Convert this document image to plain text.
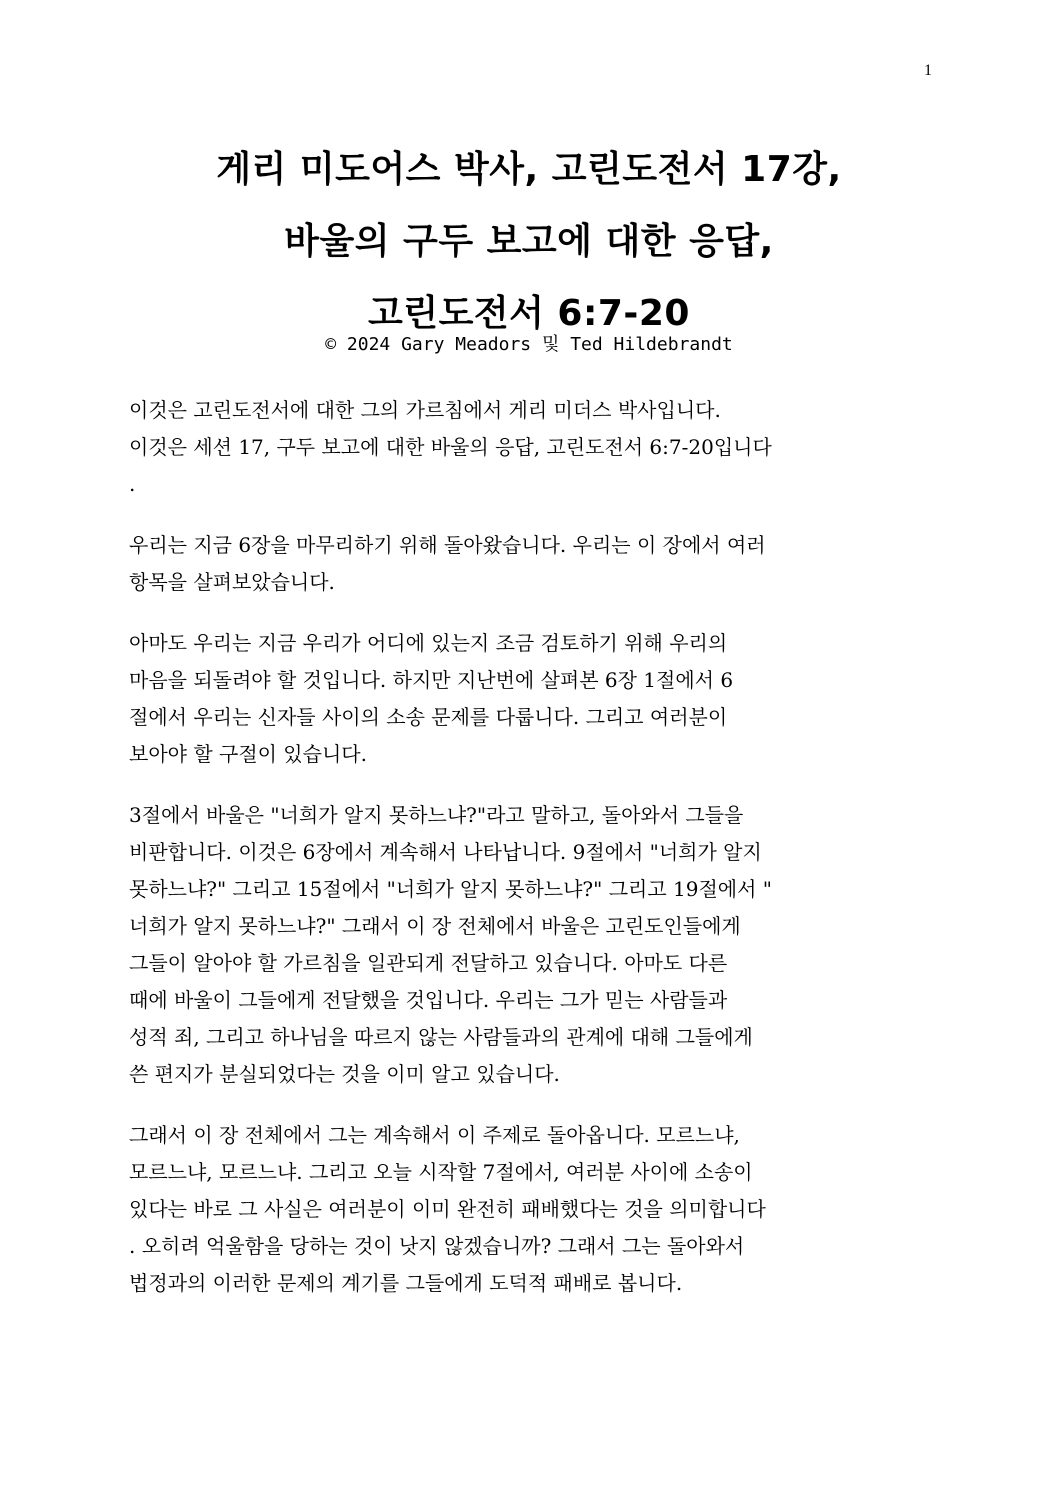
1
게리 미도어스 박사, 고린도전서 17강,
바울의 구두 보고에 대한 응답,
고린도전서 6:7-20
© 2024 Gary Meadors 및 Ted Hildebrandt
이것은 고린도전서에 대한 그의 가르침에서 게리 미더스 박사입니다.
이것은 세션 17, 구두 보고에 대한 바울의 응답, 고린도전서 6:7-20입니다
.
우리는 지금 6장을 마무리하기 위해 돌아왔습니다. 우리는 이 장에서 여러
항목을 살펴보았습니다.
아마도 우리는 지금 우리가 어디에 있는지 조금 검토하기 위해 우리의
마음을 되돌려야 할 것입니다. 하지만 지난번에 살펴본 6장 1절에서 6
절에서 우리는 신자들 사이의 소송 문제를 다룹니다. 그리고 여러분이
보아야 할 구절이 있습니다.
3절에서 바울은 "너희가 알지 못하느냐?"라고 말하고, 돌아와서 그들을
비판합니다. 이것은 6장에서 계속해서 나타납니다. 9절에서 "너희가 알지
못하느냐?" 그리고 15절에서 "너희가 알지 못하느냐?" 그리고 19절에서 "
너희가 알지 못하느냐?" 그래서 이 장 전체에서 바울은 고린도인들에게
그들이 알아야 할 가르침을 일관되게 전달하고 있습니다. 아마도 다른
때에 바울이 그들에게 전달했을 것입니다. 우리는 그가 믿는 사람들과
성적 죄, 그리고 하나님을 따르지 않는 사람들과의 관계에 대해 그들에게
쓴 편지가 분실되었다는 것을 이미 알고 있습니다.
그래서 이 장 전체에서 그는 계속해서 이 주제로 돌아옵니다. 모르느냐,
모르느냐, 모르느냐. 그리고 오늘 시작할 7절에서, 여러분 사이에 소송이
있다는 바로 그 사실은 여러분이 이미 완전히 패배했다는 것을 의미합니다
. 오히려 억울함을 당하는 것이 낫지 않겠습니까? 그래서 그는 돌아와서
법정과의 이러한 문제의 계기를 그들에게 도덕적 패배로 봅니다.
